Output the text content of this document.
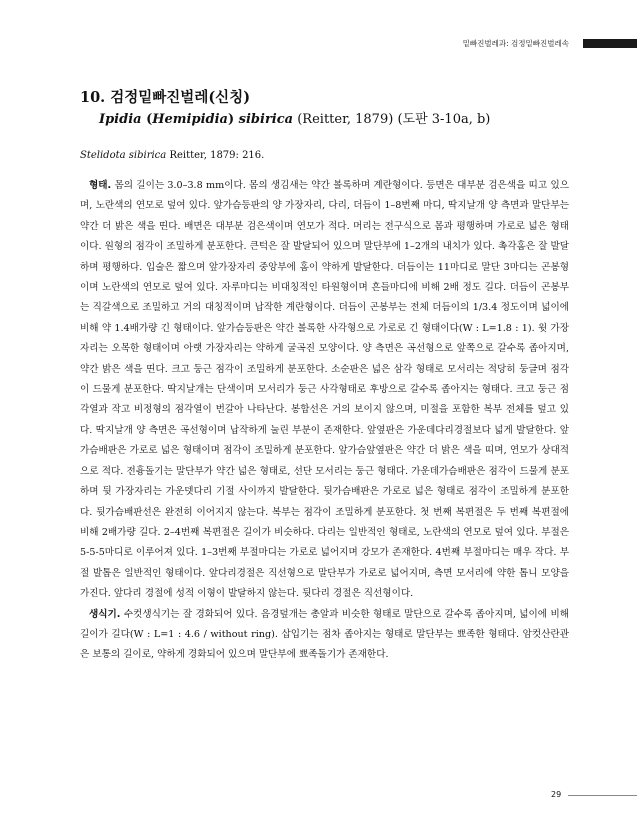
밑빠진벌레과: 검정밑빠진벌레속
10. 검정밑빠진벌레(신칭)
Ipidia (Hemipidia) sibirica (Reitter, 1879) (도판 3-10a, b)
Stelidota sibirica Reitter, 1879: 216.

형태. 몸의 길이는 3.0–3.8 mm이다. 몸의 생김새는 약간 볼록하며 계란형이다. 등면은 대부분 검은색을 띠고 있으며, 노란색의 연모로 덮여 있다. 앞가슴등판의 양 가장자리, 다리, 더듬이 1–8번째 마디, 딱지날개 양 측면과 말단부는 약간 더 밝은 색을 띤다. 배면은 대부분 검은색이며 연모가 적다. 머리는 전구식으로 몸과 평행하며 가로로 넓은 형태이다. 원형의 점각이 조밀하게 분포한다. 큰턱은 잘 발달되어 있으며 말단부에 1–2개의 내치가 있다. 촉각홈은 잘 발달하며 평행하다. 입술은 짧으며 앞가장자리 중앙부에 홈이 약하게 발달한다. 더듬이는 11마디로 말단 3마디는 곤봉형이며 노란색의 연모로 덮여 있다. 자루마디는 비대칭적인 타원형이며 흔들마디에 비해 2배 정도 길다. 더듬이 곤봉부는 직갈색으로 조밀하고 거의 대칭적이며 납작한 계란형이다. 더듬이 곤봉부는 전체 더듬이의 1/3.4 정도이며 넓이에 비해 약 1.4배가량 긴 형태이다. 앞가슴등판은 약간 볼록한 사각형으로 가로로 긴 형태이다(W : L=1.8 : 1). 윗 가장자리는 오목한 형태이며 아랫 가장자리는 약하게 굴곡진 모양이다. 양 측면은 곡선형으로 앞쪽으로 갈수록 좁아지며, 약간 밝은 색을 띤다. 크고 둥근 점각이 조밀하게 분포한다. 소순판은 넓은 삼각 형태로 모서리는 적당히 둥글며 점각이 드물게 분포한다. 딱지날개는 단색이며 모서리가 둥근 사각형태로 후방으로 갈수록 좁아지는 형태다. 크고 둥근 점각열과 작고 비정형의 점각열이 번갈아 나타난다. 봉합선은 거의 보이지 않으며, 미절을 포함한 복부 전체를 덮고 있다. 딱지날개 양 측면은 곡선형이며 납작하게 눌린 부분이 존재한다. 앞옆판은 가운데다리경절보다 넓게 발달한다. 앞가슴배판은 가로로 넓은 형태이며 점각이 조밀하게 분포한다. 앞가슴앞옆판은 약간 더 밝은 색을 띠며, 연모가 상대적으로 적다. 전흉돌기는 말단부가 약간 넓은 형태로, 선단 모서리는 둥근 형태다. 가운데가슴배판은 점각이 드물게 분포하며 뒷 가장자리는 가운뎃다리 기절 사이까지 발달한다. 뒷가슴배판은 가로로 넓은 형태로 점각이 조밀하게 분포한다. 뒷가슴배판선은 완전히 이어지지 않는다. 복부는 점각이 조밀하게 분포한다. 첫 번째 복편절은 두 번째 복편절에 비해 2배가량 길다. 2–4번째 복편절은 길이가 비슷하다. 다리는 일반적인 형태로, 노란색의 연모로 덮여 있다. 부절은 5-5-5마디로 이루어져 있다. 1–3번째 부절마디는 가로로 넓어지며 강모가 존재한다. 4번째 부절마디는 매우 작다. 부절 발톱은 일반적인 형태이다. 앞다리경절은 직선형으로 말단부가 가로로 넓어지며, 측면 모서리에 약한 톱니 모양을 가진다. 앞다리 경절에 성적 이형이 발달하지 않는다. 뒷다리 경절은 직선형이다.

생식기. 수컷생식기는 잘 경화되어 있다. 음경덮개는 총알과 비슷한 형태로 말단으로 갈수록 좁아지며, 넓이에 비해 길이가 길다(W : L=1 : 4.6 / without ring). 삽입기는 점차 좁아지는 형태로 말단부는 뾰족한 형태다. 암컷산란관은 보통의 길이로, 약하게 경화되어 있으며 말단부에 뾰족돌기가 존재한다.

29
